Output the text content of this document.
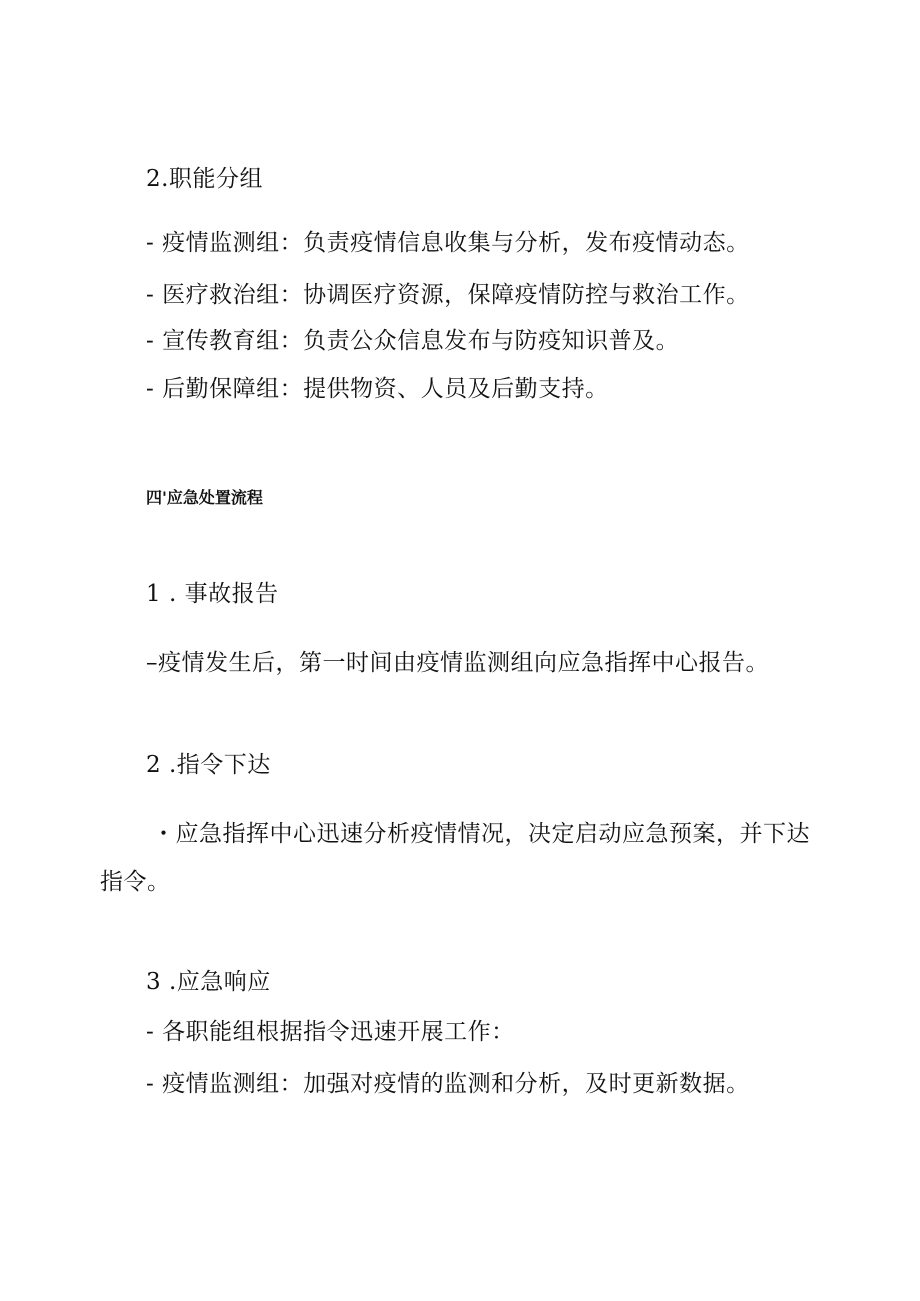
2.职能分组
- 疫情监测组：负责疫情信息收集与分析，发布疫情动态。
- 医疗救治组：协调医疗资源，保障疫情防控与救治工作。
- 宣传教育组：负责公众信息发布与防疫知识普及。
- 后勤保障组：提供物资、人员及后勤支持。
四'应急处置流程
1 . 事故报告
–疫情发生后，第一时间由疫情监测组向应急指挥中心报告。
2 .指令下达
・应急指挥中心迅速分析疫情情况，决定启动应急预案，并下达
指令。
3 .应急响应
- 各职能组根据指令迅速开展工作：
- 疫情监测组：加强对疫情的监测和分析，及时更新数据。
